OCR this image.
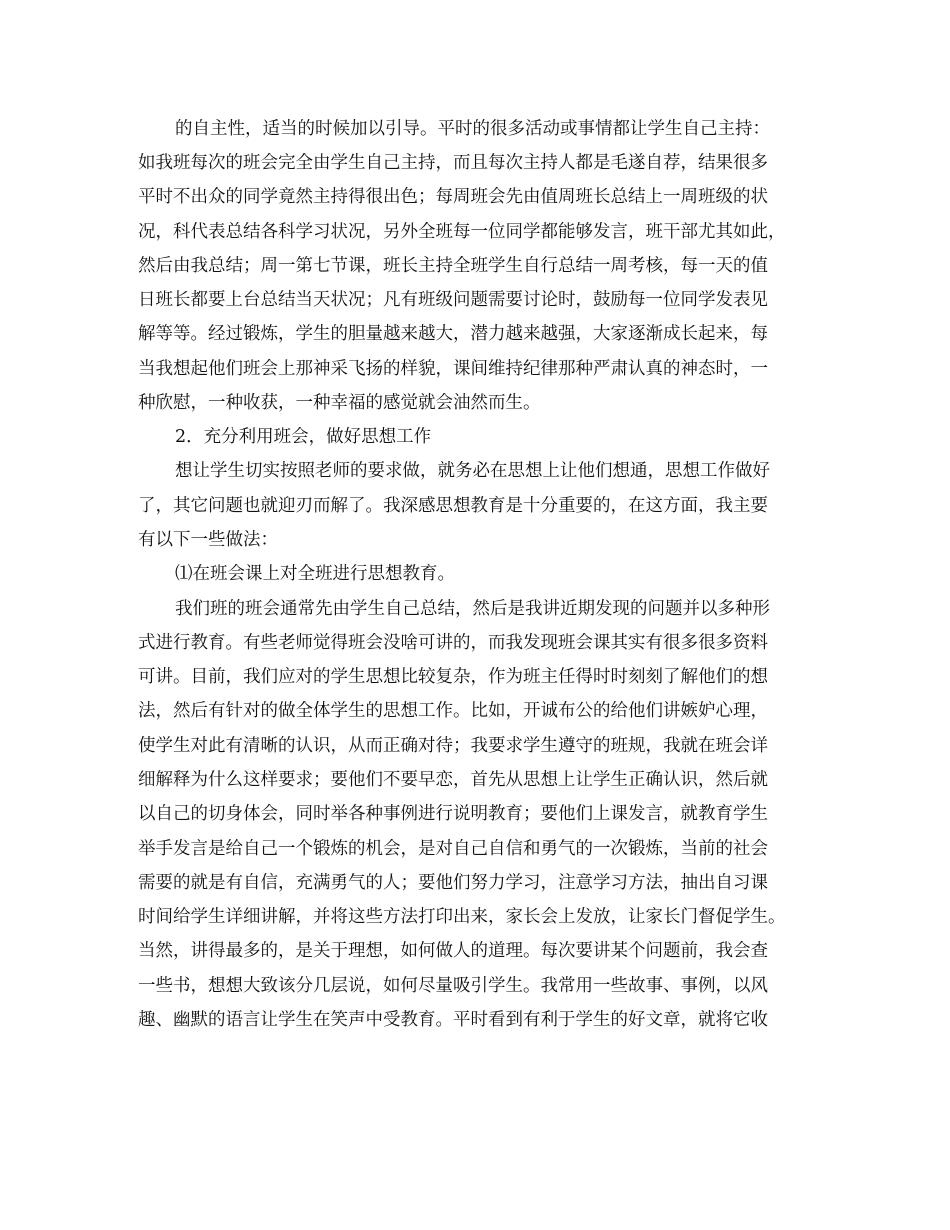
的自主性，适当的时候加以引导。平时的很多活动或事情都让学生自己主持：

如我班每次的班会完全由学生自己主持，而且每次主持人都是毛遂自荐，结果很多

平时不出众的同学竟然主持得很出色；每周班会先由值周班长总结上一周班级的状

况，科代表总结各科学习状况，另外全班每一位同学都能够发言，班干部尤其如此，

然后由我总结；周一第七节课，班长主持全班学生自行总结一周考核，每一天的值

日班长都要上台总结当天状况；凡有班级问题需要讨论时，鼓励每一位同学发表见

解等等。经过锻炼，学生的胆量越来越大，潜力越来越强，大家逐渐成长起来，每

当我想起他们班会上那神采飞扬的样貌，课间维持纪律那种严肃认真的神态时，一

种欣慰，一种收获，一种幸福的感觉就会油然而生。

2．充分利用班会，做好思想工作

想让学生切实按照老师的要求做，就务必在思想上让他们想通，思想工作做好

了，其它问题也就迎刃而解了。我深感思想教育是十分重要的，在这方面，我主要

有以下一些做法：

⑴在班会课上对全班进行思想教育。

我们班的班会通常先由学生自己总结，然后是我讲近期发现的问题并以多种形

式进行教育。有些老师觉得班会没啥可讲的，而我发现班会课其实有很多很多资料

可讲。目前，我们应对的学生思想比较复杂，作为班主任得时时刻刻了解他们的想

法，然后有针对的做全体学生的思想工作。比如，开诚布公的给他们讲嫉妒心理，

使学生对此有清晰的认识，从而正确对待；我要求学生遵守的班规，我就在班会详

细解释为什么这样要求；要他们不要早恋，首先从思想上让学生正确认识，然后就

以自己的切身体会，同时举各种事例进行说明教育；要他们上课发言，就教育学生

举手发言是给自己一个锻炼的机会，是对自己自信和勇气的一次锻炼，当前的社会

需要的就是有自信，充满勇气的人；要他们努力学习，注意学习方法，抽出自习课

时间给学生详细讲解，并将这些方法打印出来，家长会上发放，让家长门督促学生。

当然，讲得最多的，是关于理想，如何做人的道理。每次要讲某个问题前，我会查

一些书，想想大致该分几层说，如何尽量吸引学生。我常用一些故事、事例，以风

趣、幽默的语言让学生在笑声中受教育。平时看到有利于学生的好文章，就将它收
